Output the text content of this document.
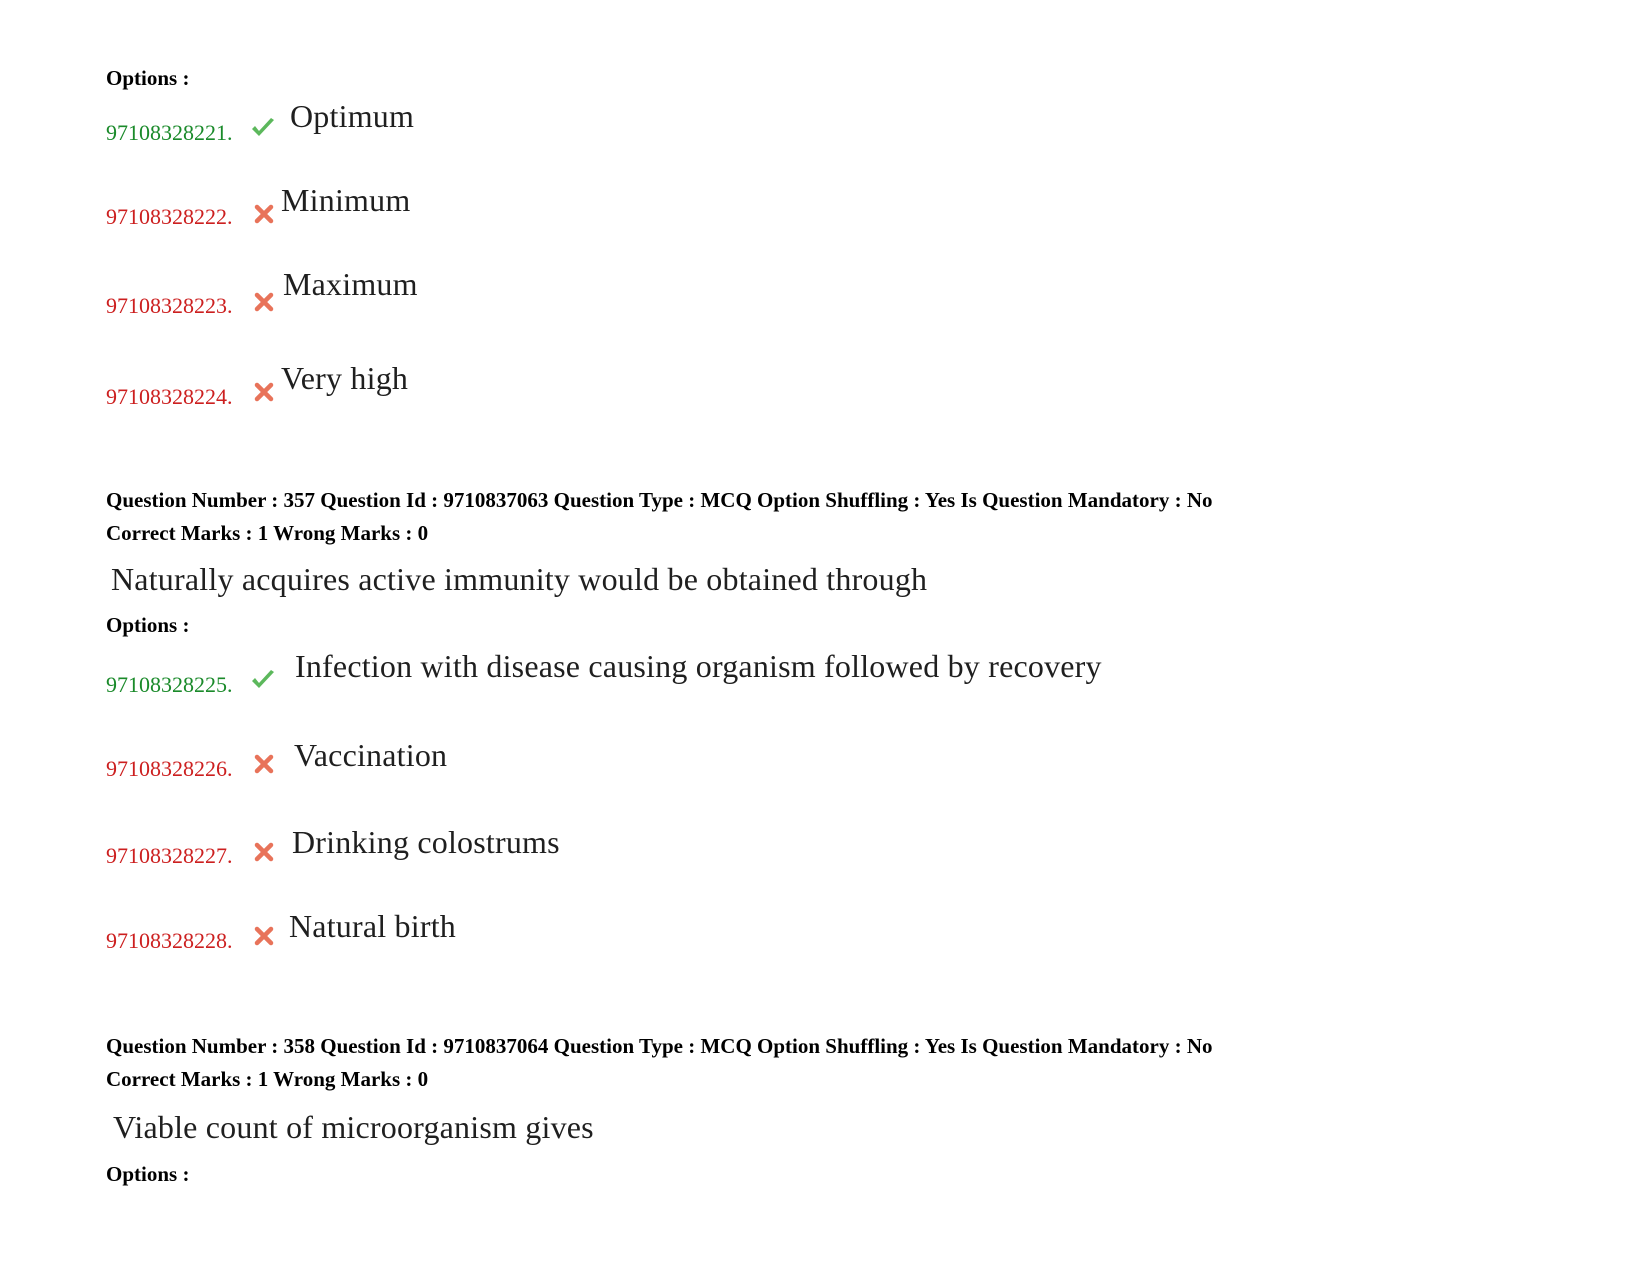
Options :
97108328221. Optimum
97108328222. Minimum
97108328223.
Maximum
97108328224.
Very high
Question Number : 357 Question Id : 9710837063 Question Type : MCQ Option Shuffling : Yes Is Question Mandatory : No
Correct Marks : 1 Wrong Marks : 0
Naturally acquires active immunity would be obtained through
Options :
97108328225.
Infection with disease causing organism followed by recovery
97108328226. Vaccination
97108328227. Drinking colostrums
97108328228. Natural birth
Question Number : 358 Question Id : 9710837064 Question Type : MCQ Option Shuffling : Yes Is Question Mandatory : No
Correct Marks : 1 Wrong Marks : 0
Viable count of microorganism gives
Options :
